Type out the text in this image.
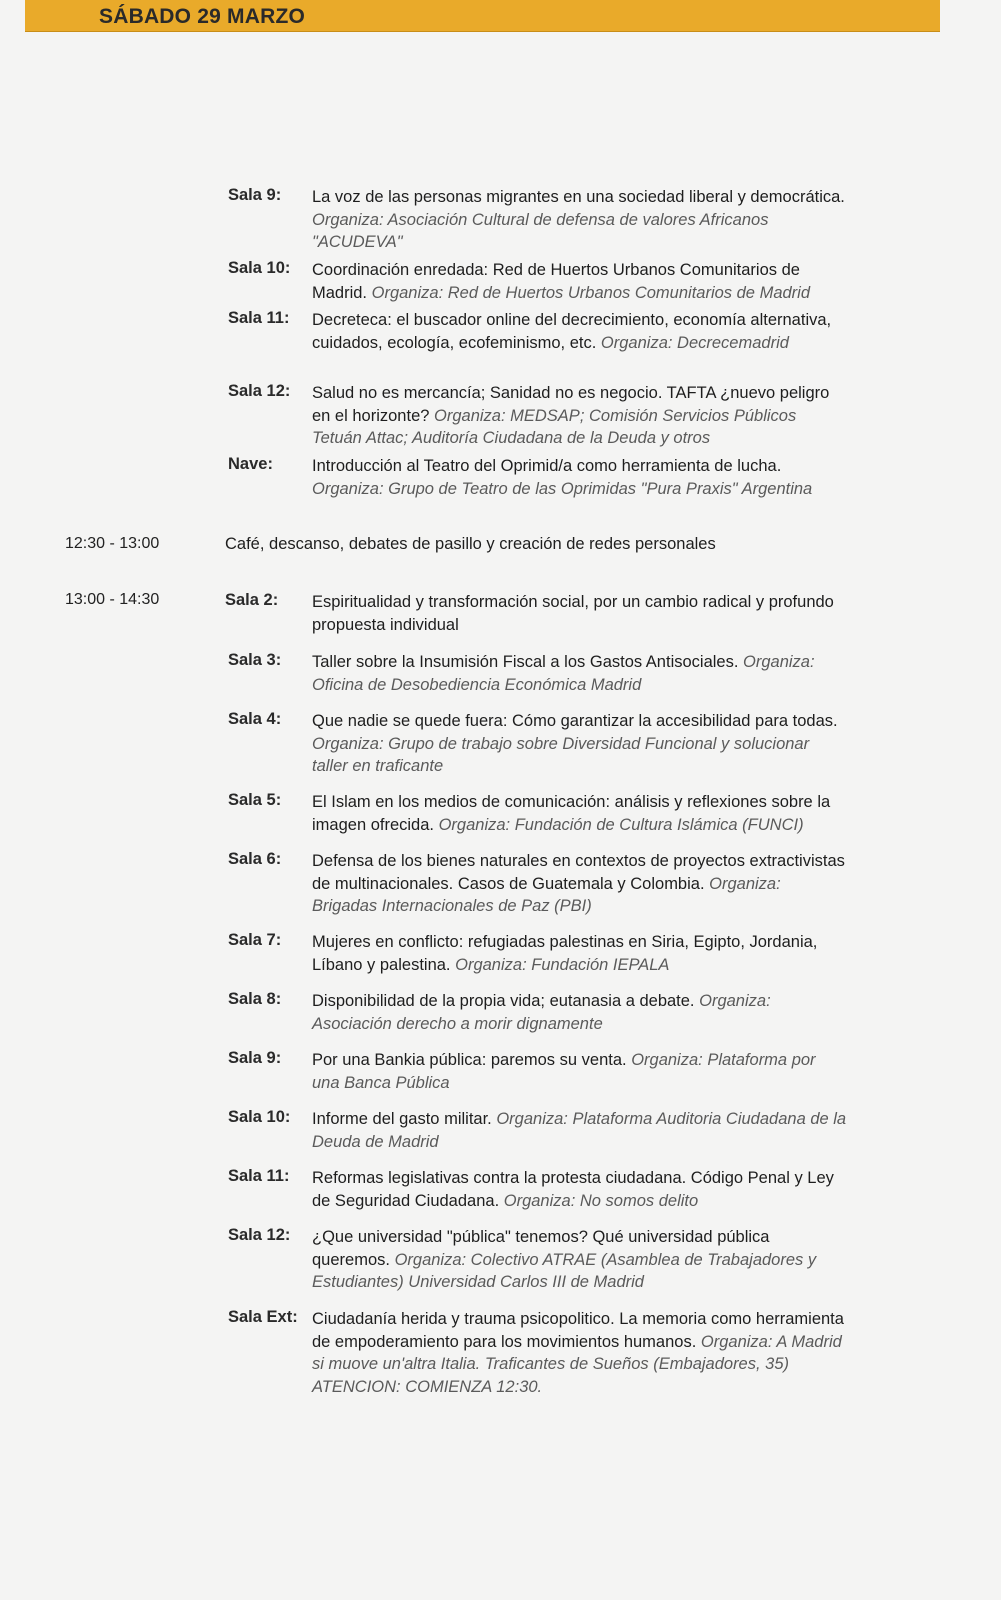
SÁBADO 29 MARZO
Sala 9: La voz de las personas migrantes en una sociedad liberal y democrática. Organiza: Asociación Cultural de defensa de valores Africanos "ACUDEVA"
Sala 10: Coordinación enredada: Red de Huertos Urbanos Comunitarios de Madrid. Organiza: Red de Huertos Urbanos Comunitarios de Madrid
Sala 11: Decreteca: el buscador online del decrecimiento, economía alternativa, cuidados, ecología, ecofeminismo, etc. Organiza: Decrecemadrid
Sala 12: Salud no es mercancía; Sanidad no es negocio. TAFTA ¿nuevo peligro en el horizonte? Organiza: MEDSAP; Comisión Servicios Públicos Tetuán Attac; Auditoría Ciudadana de la Deuda y otros
Nave: Introducción al Teatro del Oprimid/a como herramienta de lucha. Organiza: Grupo de Teatro de las Oprimidas "Pura Praxis" Argentina
12:30 - 13:00	Café, descanso, debates de pasillo y creación de redes personales
13:00 - 14:30	Sala 2: Espiritualidad y transformación social, por un cambio radical y profundo propuesta individual
Sala 3: Taller sobre la Insumisión Fiscal a los Gastos Antisociales. Organiza: Oficina de Desobediencia Económica Madrid
Sala 4: Que nadie se quede fuera: Cómo garantizar la accesibilidad para todas. Organiza: Grupo de trabajo sobre Diversidad Funcional y solucionar taller en traficante
Sala 5: El Islam en los medios de comunicación: análisis y reflexiones sobre la imagen ofrecida. Organiza: Fundación de Cultura Islámica (FUNCI)
Sala 6: Defensa de los bienes naturales en contextos de proyectos extractivistas de multinacionales. Casos de Guatemala y Colombia. Organiza: Brigadas Internacionales de Paz (PBI)
Sala 7: Mujeres en conflicto: refugiadas palestinas en Siria, Egipto, Jordania, Líbano y palestina. Organiza: Fundación IEPALA
Sala 8: Disponibilidad de la propia vida; eutanasia a debate. Organiza: Asociación derecho a morir dignamente
Sala 9: Por una Bankia pública: paremos su venta. Organiza: Plataforma por una Banca Pública
Sala 10: Informe del gasto militar. Organiza: Plataforma Auditoria Ciudadana de la Deuda de Madrid
Sala 11: Reformas legislativas contra la protesta ciudadana. Código Penal y Ley de Seguridad Ciudadana. Organiza: No somos delito
Sala 12: ¿Que universidad "pública" tenemos? Qué universidad pública queremos. Organiza: Colectivo ATRAE (Asamblea de Trabajadores y Estudiantes) Universidad Carlos III de Madrid
Sala Ext: Ciudadanía herida y trauma psicopolitico. La memoria como herramienta de empoderamiento para los movimientos humanos. Organiza: A Madrid si muove un'altra Italia. Traficantes de Sueños (Embajadores, 35) ATENCION: COMIENZA 12:30.
